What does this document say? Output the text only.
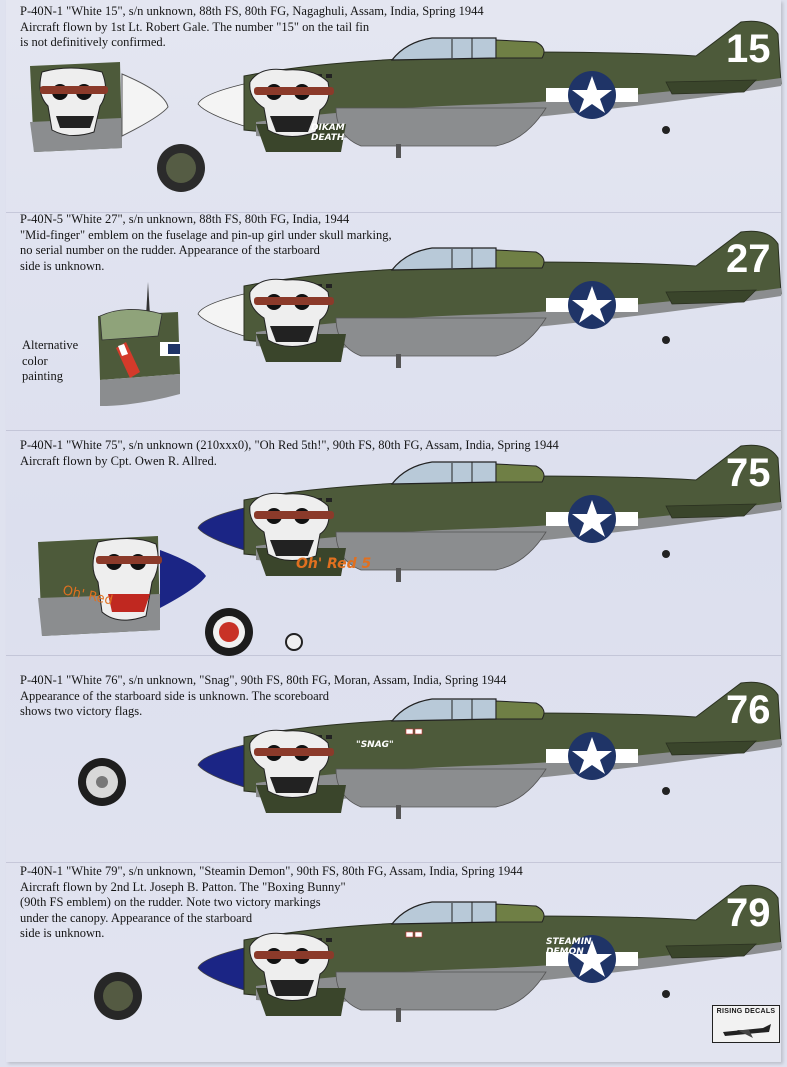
P-40N-1 "White 15", s/n unknown, 88th FS, 80th FG, Nagaghuli, Assam, India, Spring 1944
Aircraft flown by 1st Lt. Robert Gale. The number "15" on the tail fin
is not definitively confirmed.
P-40N-5 "White 27", s/n unknown, 88th FS, 80th FG, India, 1944
"Mid-finger" emblem on the fuselage and pin-up girl under skull marking,
no serial number on the rudder. Appearance of the starboard
side is unknown.
P-40N-1 "White 75", s/n unknown (210xxx0), "Oh Red 5th!", 90th FS, 80th FG, Assam, India, Spring 1944
Aircraft flown by Cpt. Owen R. Allred.
P-40N-1 "White 76", s/n unknown, "Snag", 90th FS, 80th FG, Moran, Assam, India, Spring 1944
Appearance of the starboard side is unknown. The scoreboard
shows two victory flags.
P-40N-1 "White 79", s/n unknown, "Steamin Demon", 90th FS, 80th FG, Assam, India, Spring 1944
Aircraft flown by 2nd Lt. Joseph B. Patton. The "Boxing Bunny"
(90th FS emblem) on the rudder. Note two victory markings
under the canopy. Appearance of the starboard
side is unknown.
Alternative
color
painting
15
DIKAM
DEATH
27
75
Oh' Red 5
76
"SNAG"
79
STEAMIN
DEMON
Oh' Red
RISING DECALS
